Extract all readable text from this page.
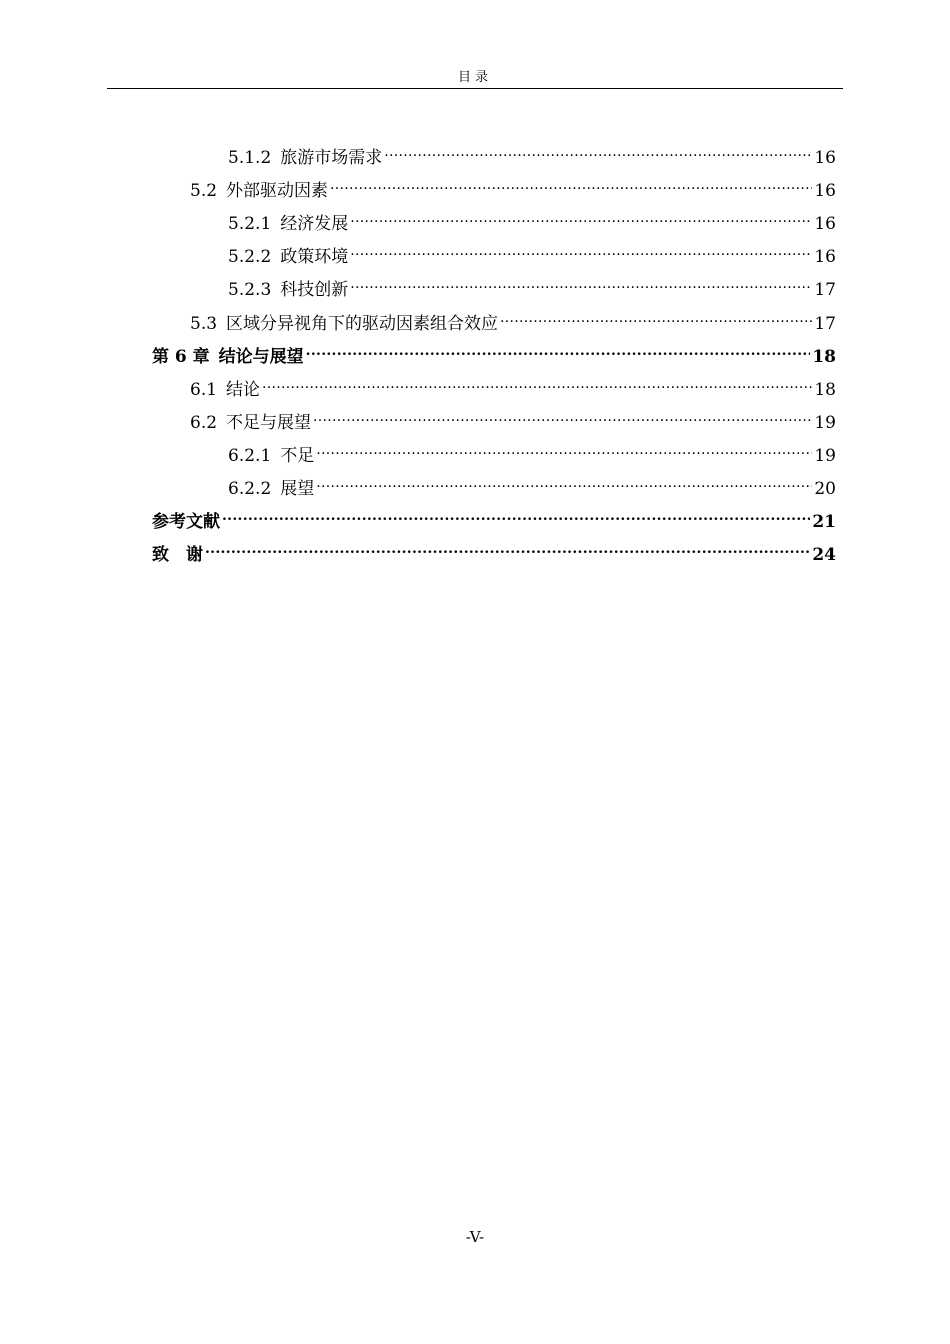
目录
5.1.2 旅游市场需求 .....	16
5.2 外部驱动因素 .....	16
5.2.1 经济发展 .....	16
5.2.2 政策环境 .....	16
5.2.3 科技创新 .....	17
5.3 区域分异视角下的驱动因素组合效应 .....	17
第 6 章 结论与展望 .....	18
6.1 结论 .....	18
6.2 不足与展望 .....	19
6.2.1 不足 .....	19
6.2.2 展望 .....	20
参考文献 .....	21
致　谢 .....	24
-V-
